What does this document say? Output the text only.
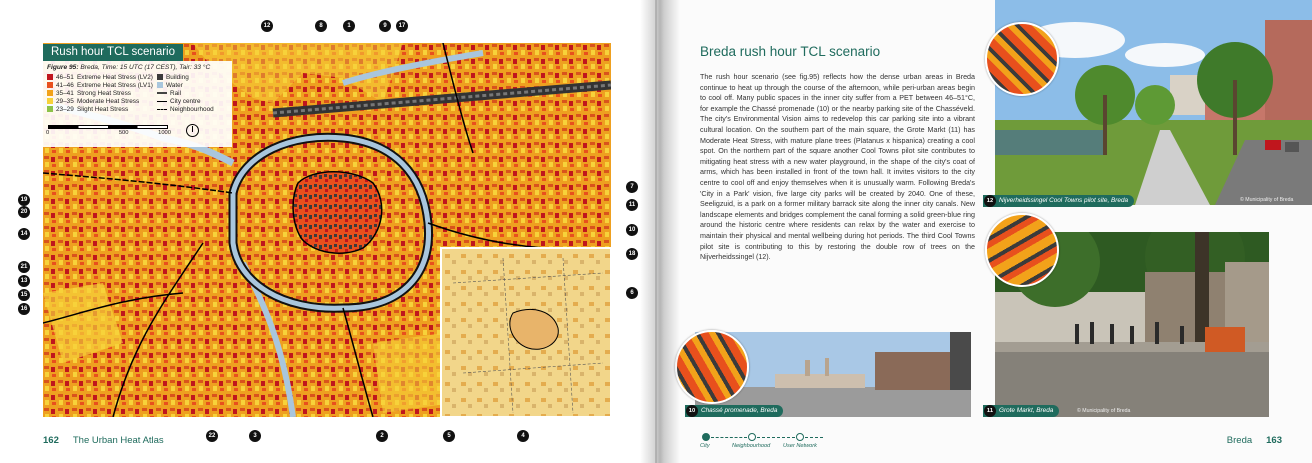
Rush hour TCL scenario
Figure 95: Breda, Time: 15 UTC (17 CEST), Tair: 33 °C
46–51 Extreme Heat Stress (LV2)
41–46 Extreme Heat Stress (LV1)
35–41 Strong Heat Stress
29–35 Moderate Heat Stress
23–29 Slight Heat Stress
Building
Water
Rail
City centre
Neighbourhood
0	500	1000
12	8	1	9	17
19
20
14
21
13
15
16
7
11
10
18
6
22	3	2	5	4
162 The Urban Heat Atlas
Breda rush hour TCL scenario
The rush hour scenario (see fig.95) reflects how the dense urban areas in Breda continue to heat up through the course of the afternoon, while peri-urban areas begin to cool off. Many public spaces in the inner city suffer from a PET between 46–51°C, for example the Chassé promenade (10) or the nearby parking site of the Chasséveld. The city's Environmental Vision aims to redevelop this car parking site into a vibrant cultural location. On the southern part of the main square, the Grote Markt (11) has Moderate Heat Stress, with mature plane trees (Platanus x hispanica) creating a cool spot. On the northern part of the square another Cool Towns pilot site contributes to mitigating heat stress with a new water playground, in the shape of the city's coat of arms, which has been installed in front of the town hall. It invites visitors to the city centre to cool off and enjoy themselves when it is unusually warm. Following Breda's 'City in a Park' vision, five large city parks will be created by 2040. One of these, Seeligzuid, is a park on a former military barrack site along the inner city canals. New landscape elements and bridges complement the canal forming a solid green-blue ring around the historic centre where residents can relax by the water and exercise to maintain their physical and mental wellbeing during hot periods. The third Cool Towns pilot site is contributing to this by restoring the double row of trees on the Nijverheidssingel (12).
12 Nijverheidssingel Cool Towns pilot site, Breda	© Municipality of Breda
11 Grote Markt, Breda	© Municipality of Breda
10 Chassé promenade, Breda
City	Neighbourhood User Network	Breda 163
